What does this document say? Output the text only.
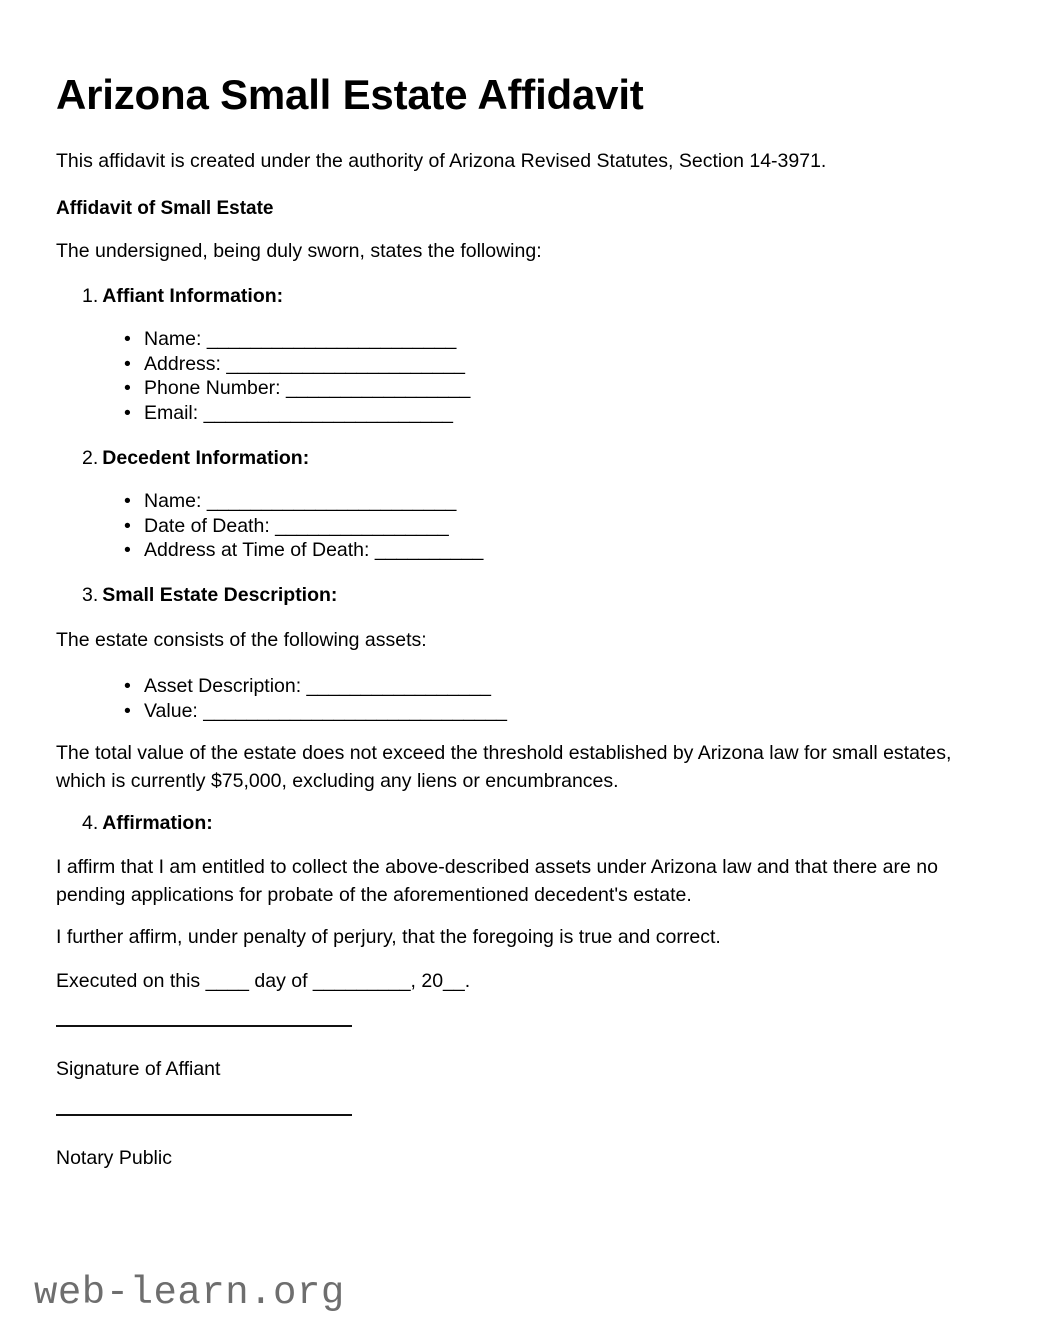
Arizona Small Estate Affidavit

This affidavit is created under the authority of Arizona Revised Statutes, Section 14-3971.

Affidavit of Small Estate

The undersigned, being duly sworn, states the following:

1. Affiant Information:
• Name: _______________________
• Address: ______________________
• Phone Number: _________________
• Email: _______________________
2. Decedent Information:
• Name: _______________________
• Date of Death: ________________
• Address at Time of Death: __________
3. Small Estate Description:

The estate consists of the following assets:

• Asset Description: _________________
• Value: ____________________________

The total value of the estate does not exceed the threshold established by Arizona law for small estates, which is currently $75,000, excluding any liens or encumbrances.

4. Affirmation:

I affirm that I am entitled to collect the above-described assets under Arizona law and that there are no pending applications for probate of the aforementioned decedent's estate.

I further affirm, under penalty of perjury, that the foregoing is true and correct.

Executed on this ____ day of _________, 20__.

Signature of Affiant
Notary Public
web-learn.org
